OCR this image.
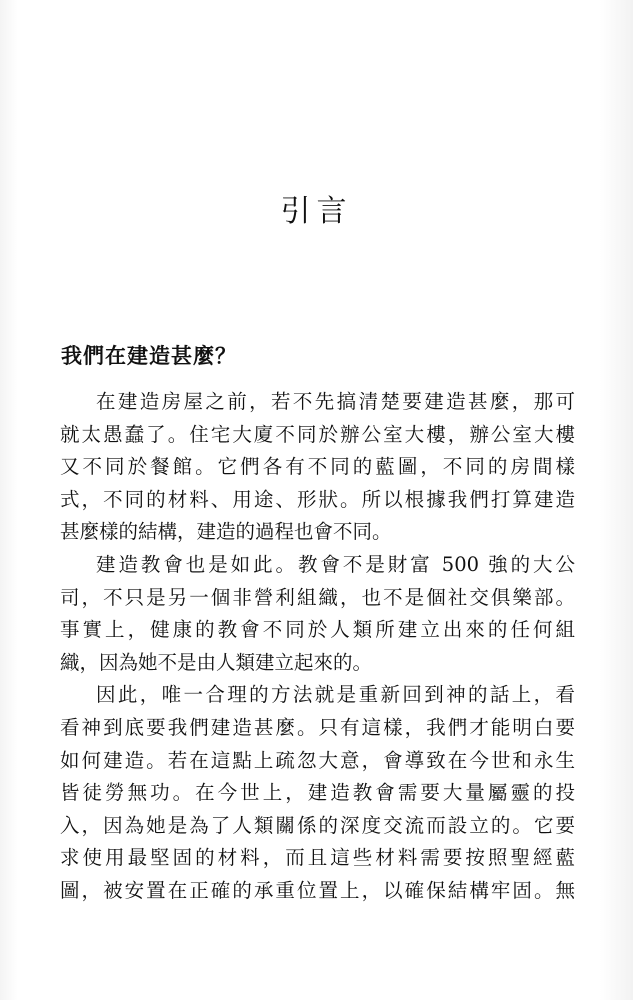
引言
我們在建造甚麼？
在建造房屋之前，若不先搞清楚要建造甚麼，那可
就太愚蠢了。住宅大廈不同於辦公室大樓，辦公室大樓
又不同於餐館。它們各有不同的藍圖，不同的房間樣
式，不同的材料、用途、形狀。所以根據我們打算建造
甚麼樣的結構，建造的過程也會不同。
建造教會也是如此。教會不是財富 500 強的大公
司，不只是另一個非營利組織，也不是個社交俱樂部。
事實上，健康的教會不同於人類所建立出來的任何組
織，因為她不是由人類建立起來的。
因此，唯一合理的方法就是重新回到神的話上，看
看神到底要我們建造甚麼。只有這樣，我們才能明白要
如何建造。若在這點上疏忽大意，會導致在今世和永生
皆徒勞無功。在今世上，建造教會需要大量屬靈的投
入，因為她是為了人類關係的深度交流而設立的。它要
求使用最堅固的材料，而且這些材料需要按照聖經藍
圖，被安置在正確的承重位置上，以確保結構牢固。無
